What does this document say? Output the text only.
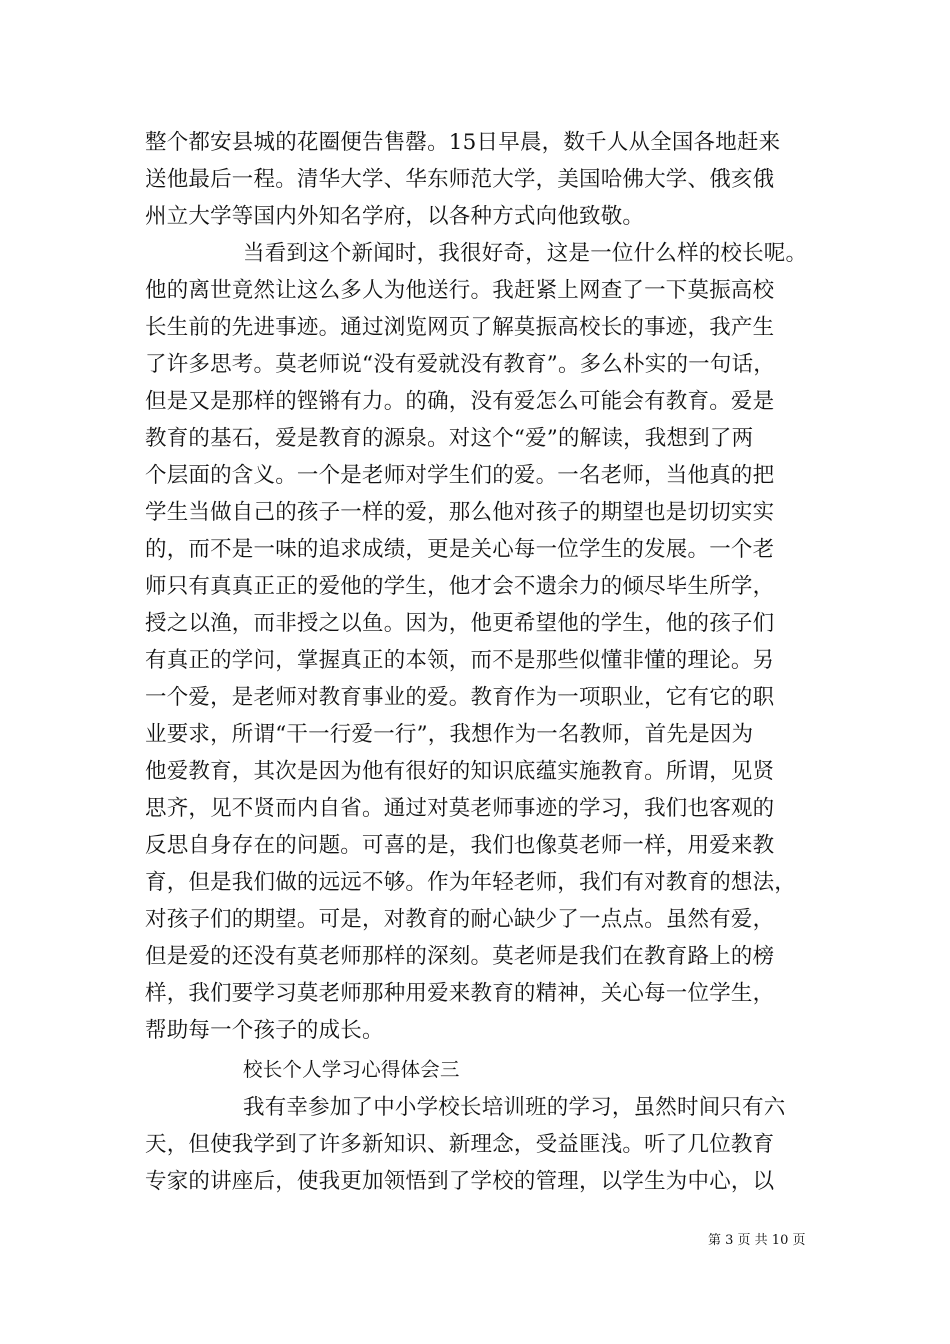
整个都安县城的花圈便告售罄。15日早晨，数千人从全国各地赶来
送他最后一程。清华大学、华东师范大学，美国哈佛大学、俄亥俄
州立大学等国内外知名学府，以各种方式向他致敬。
当看到这个新闻时，我很好奇，这是一位什么样的校长呢。
他的离世竟然让这么多人为他送行。我赶紧上网查了一下莫振高校
长生前的先进事迹。通过浏览网页了解莫振高校长的事迹，我产生
了许多思考。莫老师说“没有爱就没有教育”。多么朴实的一句话，
但是又是那样的铿锵有力。的确，没有爱怎么可能会有教育。爱是
教育的基石，爱是教育的源泉。对这个“爱”的解读，我想到了两
个层面的含义。一个是老师对学生们的爱。一名老师，当他真的把
学生当做自己的孩子一样的爱，那么他对孩子的期望也是切切实实
的，而不是一味的追求成绩，更是关心每一位学生的发展。一个老
师只有真真正正的爱他的学生，他才会不遗余力的倾尽毕生所学，
授之以渔，而非授之以鱼。因为，他更希望他的学生，他的孩子们
有真正的学问，掌握真正的本领，而不是那些似懂非懂的理论。另
一个爱，是老师对教育事业的爱。教育作为一项职业，它有它的职
业要求，所谓“干一行爱一行”，我想作为一名教师，首先是因为
他爱教育，其次是因为他有很好的知识底蕴实施教育。所谓，见贤
思齐，见不贤而内自省。通过对莫老师事迹的学习，我们也客观的
反思自身存在的问题。可喜的是，我们也像莫老师一样，用爱来教
育，但是我们做的远远不够。作为年轻老师，我们有对教育的想法，
对孩子们的期望。可是，对教育的耐心缺少了一点点。虽然有爱，
但是爱的还没有莫老师那样的深刻。莫老师是我们在教育路上的榜
样，我们要学习莫老师那种用爱来教育的精神，关心每一位学生，
帮助每一个孩子的成长。
校长个人学习心得体会三
我有幸参加了中小学校长培训班的学习，虽然时间只有六
天，但使我学到了许多新知识、新理念，受益匪浅。听了几位教育
专家的讲座后，使我更加领悟到了学校的管理，以学生为中心，以
第 3 页 共 10 页
